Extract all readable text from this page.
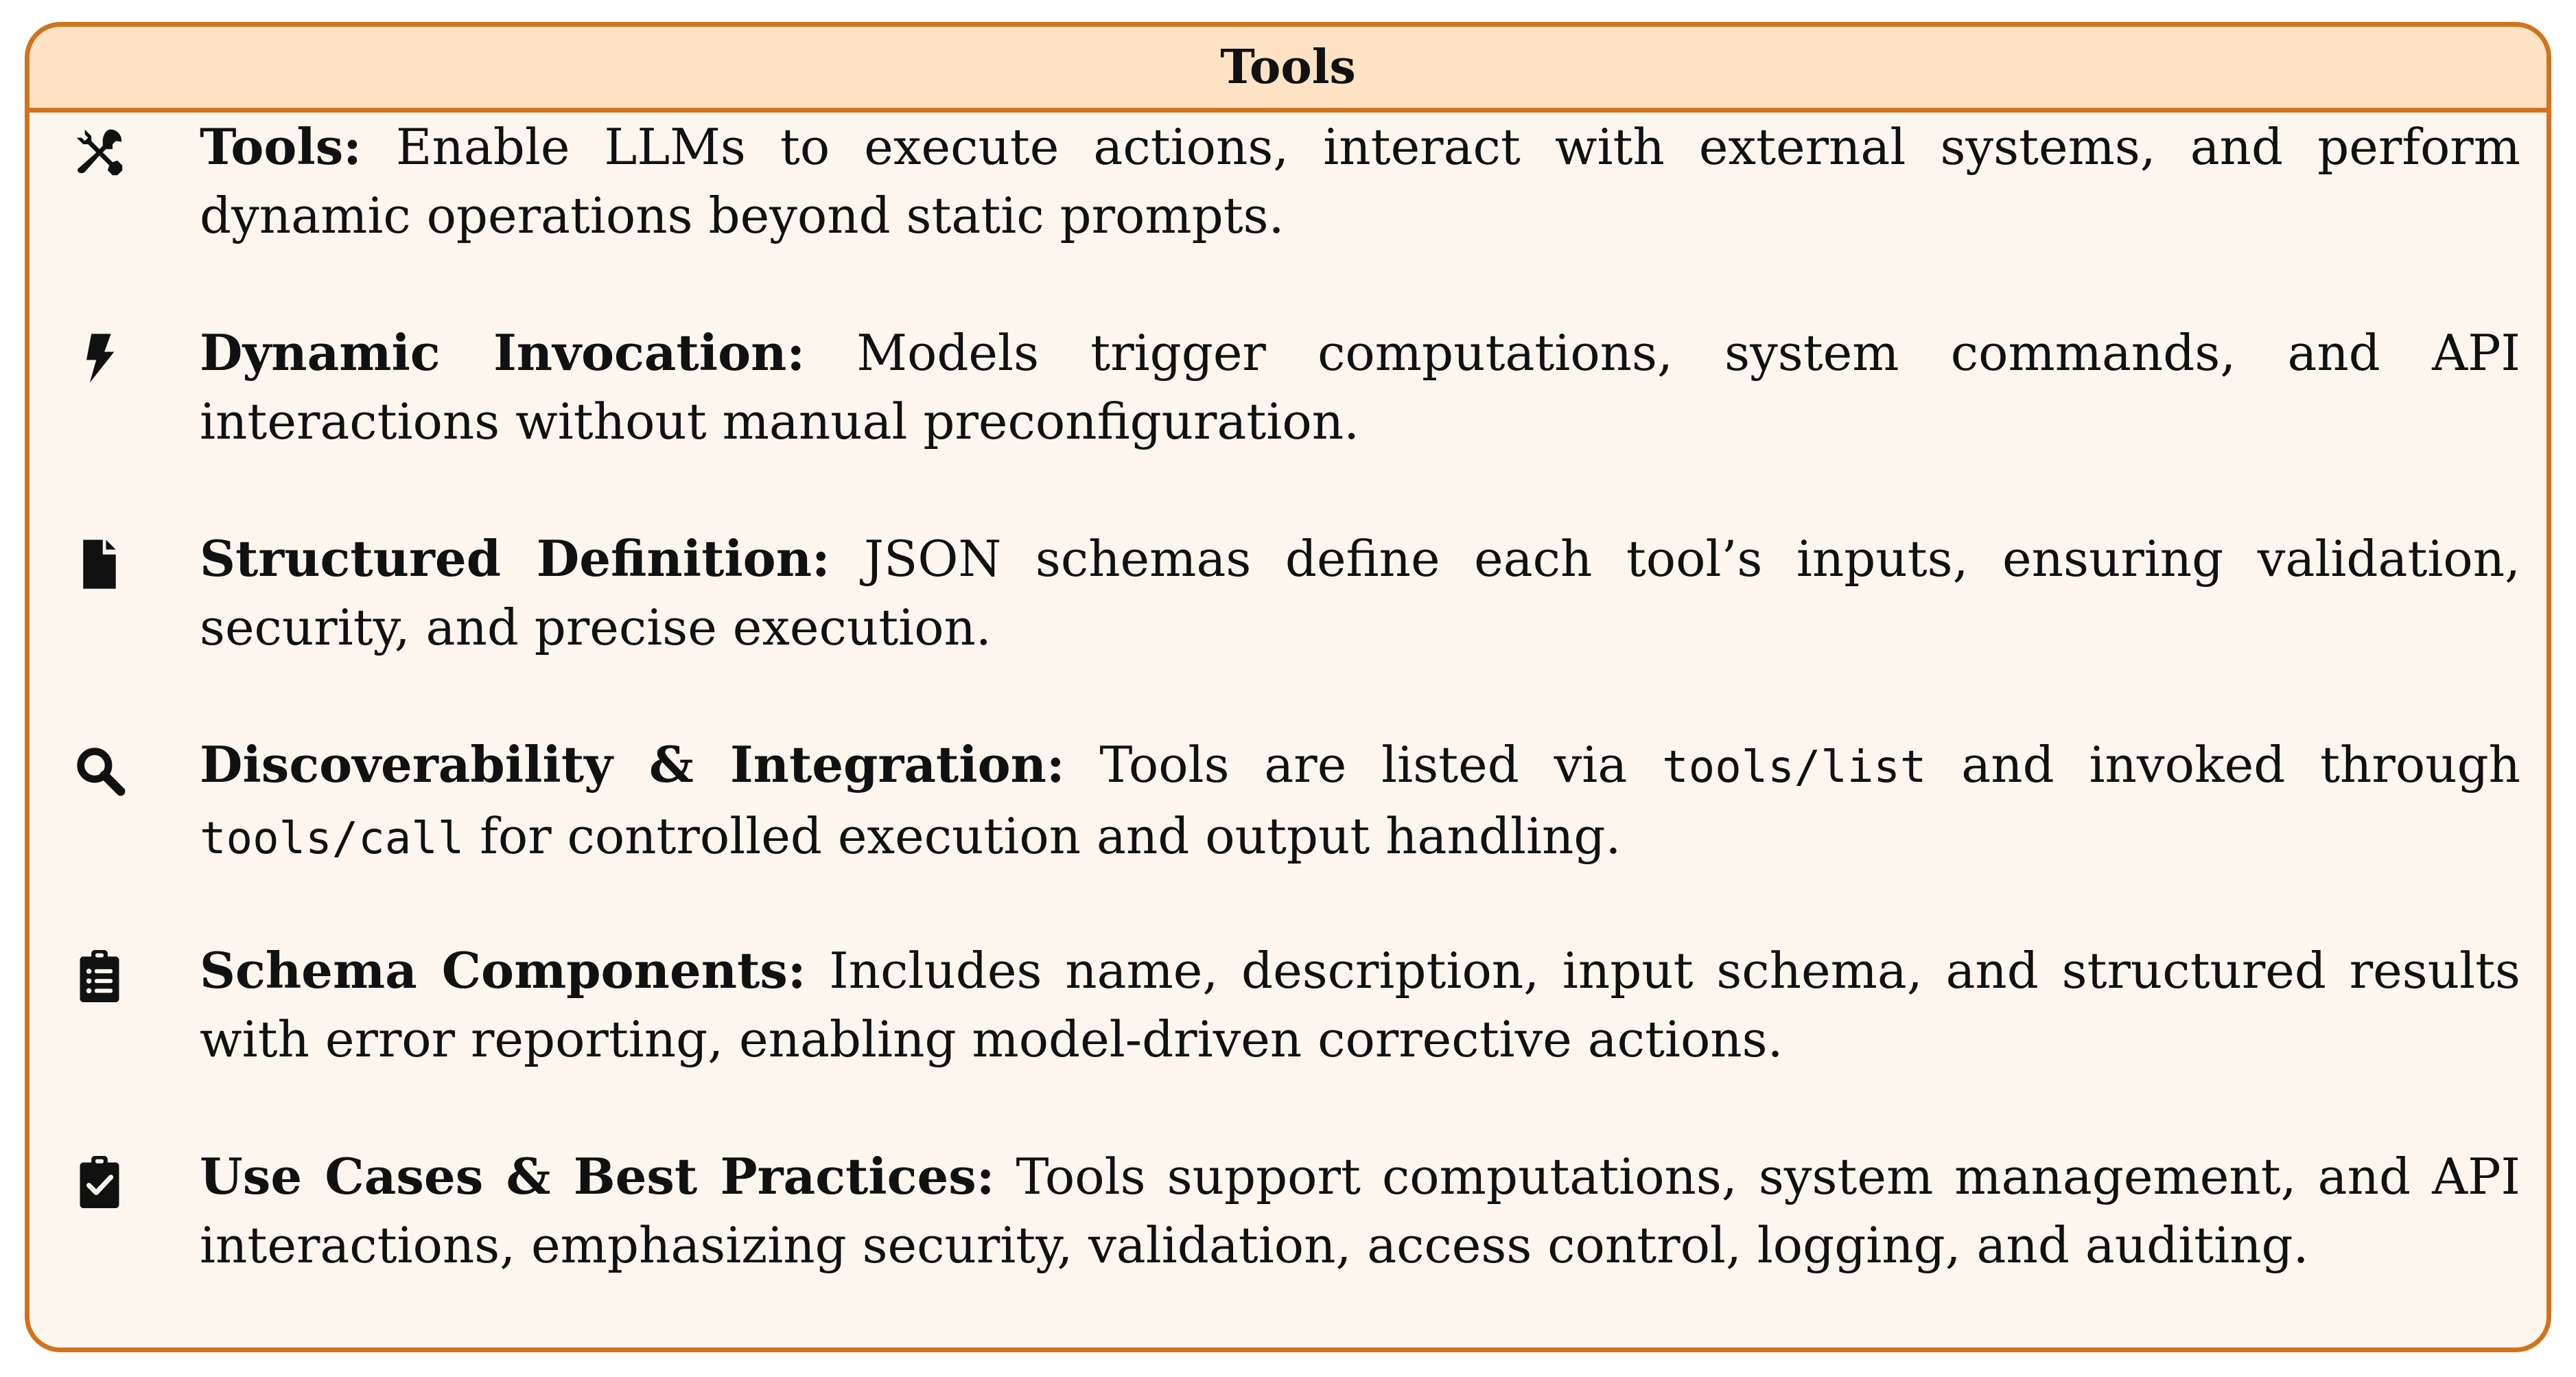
Tools
Tools: Enable LLMs to execute actions, interact with external systems, and perform dynamic operations beyond static prompts.
Dynamic Invocation: Models trigger computations, system commands, and API interactions without manual preconfiguration.
Structured Definition: JSON schemas define each tool’s inputs, ensuring validation, security, and precise execution.
Discoverability & Integration: Tools are listed via tools/list and invoked through tools/call for controlled execution and output handling.
Schema Components: Includes name, description, input schema, and structured results with error reporting, enabling model-driven corrective actions.
Use Cases & Best Practices: Tools support computations, system management, and API interactions, emphasizing security, validation, access control, logging, and auditing.
